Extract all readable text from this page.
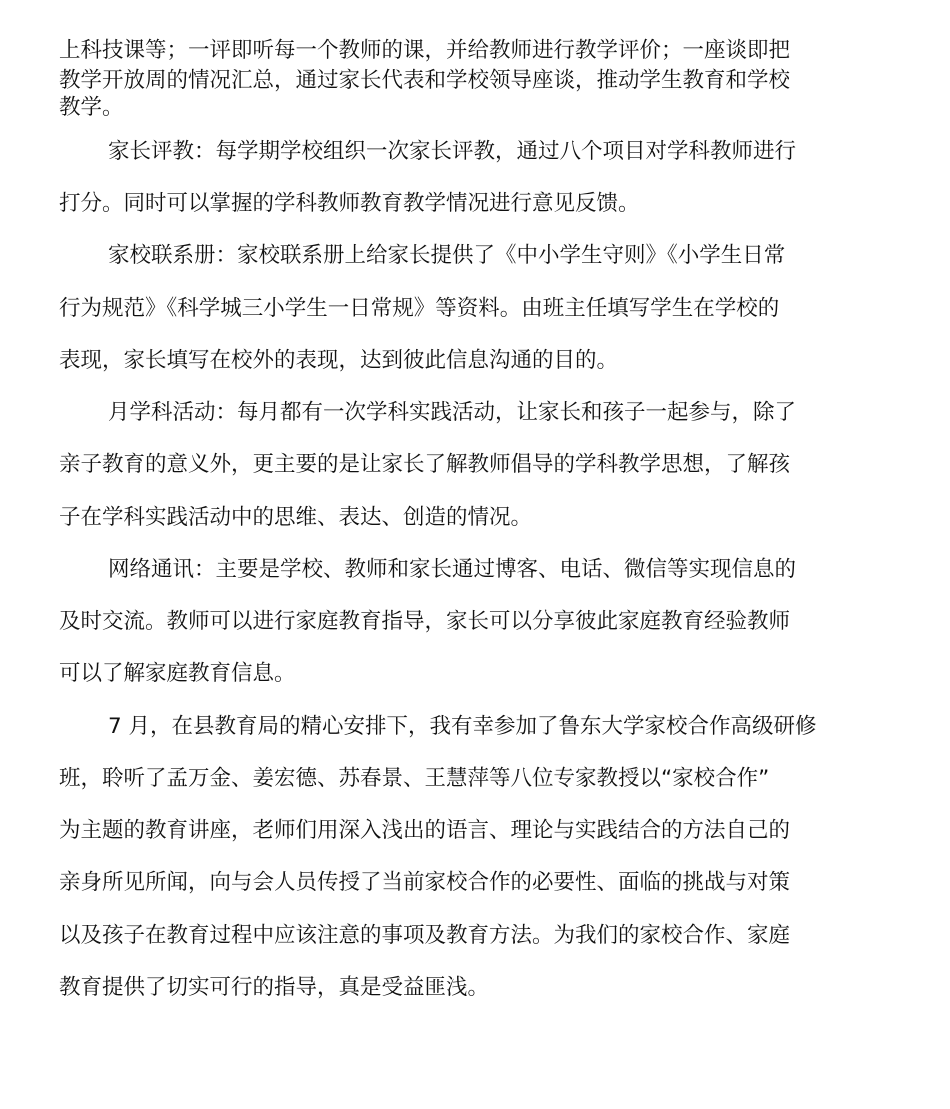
上科技课等；一评即听每一个教师的课，并给教师进行教学评价；一座谈即把
教学开放周的情况汇总，通过家长代表和学校领导座谈，推动学生教育和学校
教学。
家长评教：每学期学校组织一次家长评教，通过八个项目对学科教师进行
打分。同时可以掌握的学科教师教育教学情况进行意见反馈。
家校联系册：家校联系册上给家长提供了《中小学生守则》《小学生日常
行为规范》《科学城三小学生一日常规》等资料。由班主任填写学生在学校的
表现，家长填写在校外的表现，达到彼此信息沟通的目的。
月学科活动：每月都有一次学科实践活动，让家长和孩子一起参与，除了
亲子教育的意义外，更主要的是让家长了解教师倡导的学科教学思想，了解孩
子在学科实践活动中的思维、表达、创造的情况。
网络通讯：主要是学校、教师和家长通过博客、电话、微信等实现信息的
及时交流。教师可以进行家庭教育指导，家长可以分享彼此家庭教育经验教师
可以了解家庭教育信息。
7 月，在县教育局的精心安排下，我有幸参加了鲁东大学家校合作高级研修
班，聆听了孟万金、姜宏德、苏春景、王慧萍等八位专家教授以“家校合作”
为主题的教育讲座，老师们用深入浅出的语言、理论与实践结合的方法自己的
亲身所见所闻，向与会人员传授了当前家校合作的必要性、面临的挑战与对策
以及孩子在教育过程中应该注意的事项及教育方法。为我们的家校合作、家庭
教育提供了切实可行的指导，真是受益匪浅。
